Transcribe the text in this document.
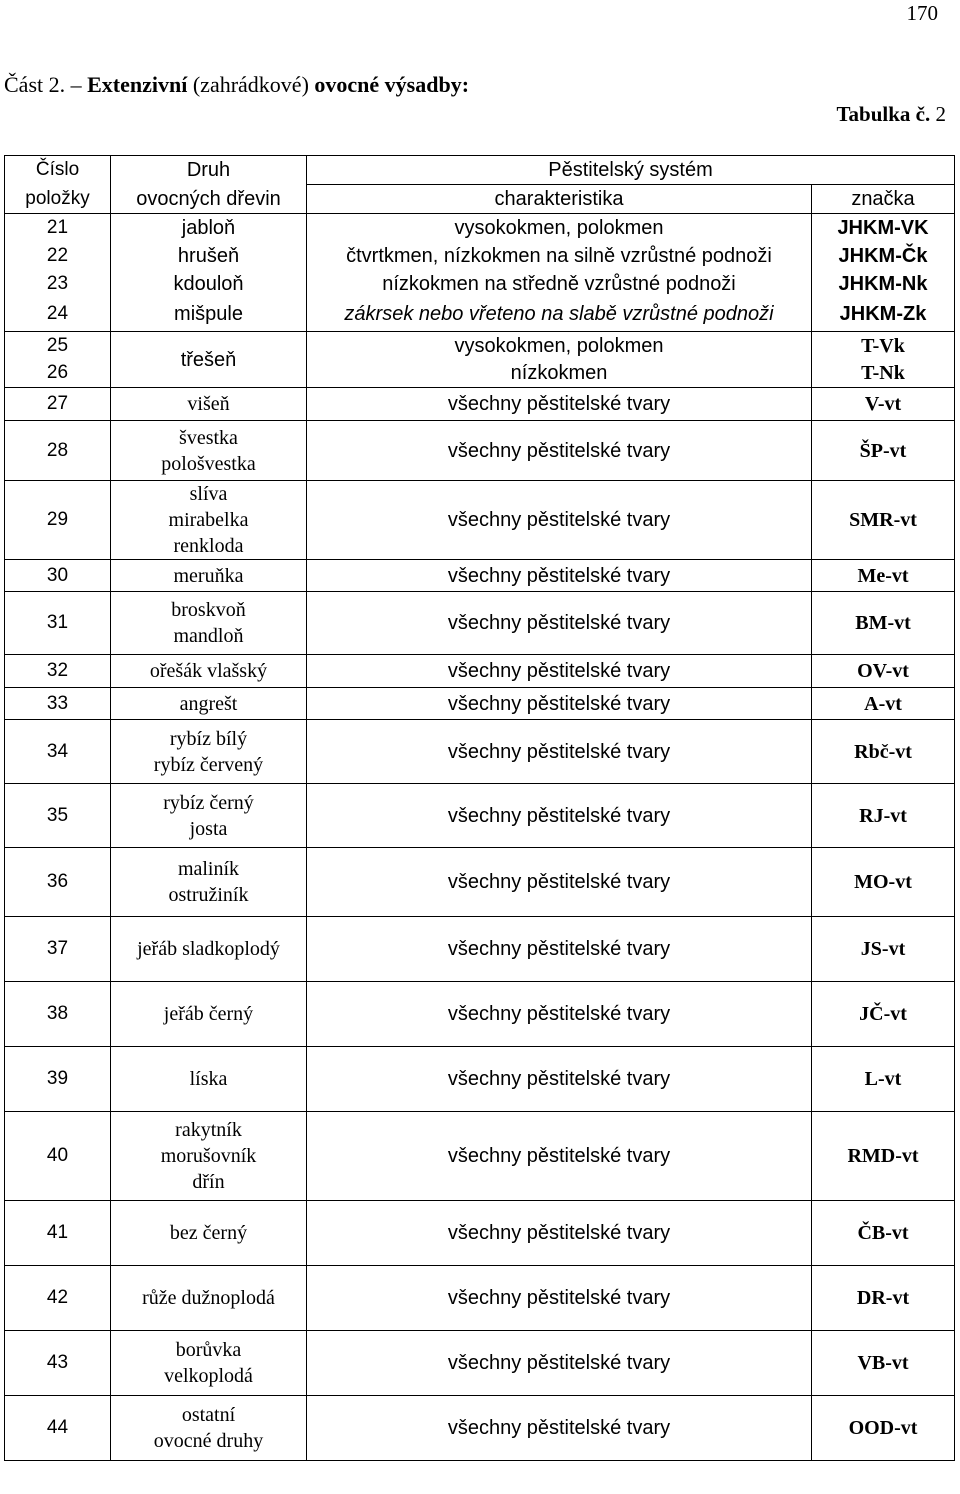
170
Část 2. – Extenzivní (zahrádkové) ovocné výsadby:
Tabulka č. 2
Číslo	Druh	Pěstitelský systém	
položky	ovocných dřevin	charakteristika	značka
21	jabloň	vysokokmen, polokmen	JHKM-VK
22	hrušeň	čtvrtkmen, nízkokmen na silně vzrůstné podnoži	JHKM-Čk
23	kdouloň	nízkokmen na středně vzrůstné podnoži	JHKM-Nk
24	mišpule	zákrsek nebo vřeteno na slabě vzrůstné podnoži	JHKM-Zk
25	třešeň	vysokokmen, polokmen	T-Vk
26		nízkokmen	T-Nk
27	višeň	všechny pěstitelské tvary	V-vt
28	švestka
pološvestka	všechny pěstitelské tvary	ŠP-vt
29	slíva
mirabelka
renkloda	všechny pěstitelské tvary	SMR-vt
30	meruňka	všechny pěstitelské tvary	Me-vt
31	broskvoň
mandloň	všechny pěstitelské tvary	BM-vt
32	ořešák vlašský	všechny pěstitelské tvary	OV-vt
33	angrešt	všechny pěstitelské tvary	A-vt
34	rybíz bílý
rybíz červený	všechny pěstitelské tvary	Rbč-vt
35	rybíz černý
josta	všechny pěstitelské tvary	RJ-vt
36	maliník
ostružiník	všechny pěstitelské tvary	MO-vt
37	jeřáb sladkoplodý	všechny pěstitelské tvary	JS-vt
38	jeřáb černý	všechny pěstitelské tvary	JČ-vt
39	líska	všechny pěstitelské tvary	L-vt
40	rakytník
morušovník
dřín	všechny pěstitelské tvary	RMD-vt
41	bez černý	všechny pěstitelské tvary	ČB-vt
42	růže dužnoplodá	všechny pěstitelské tvary	DR-vt
43	borůvka
velkoplodá	všechny pěstitelské tvary	VB-vt
44	ostatní
ovocné druhy	všechny pěstitelské tvary	OOD-vt
